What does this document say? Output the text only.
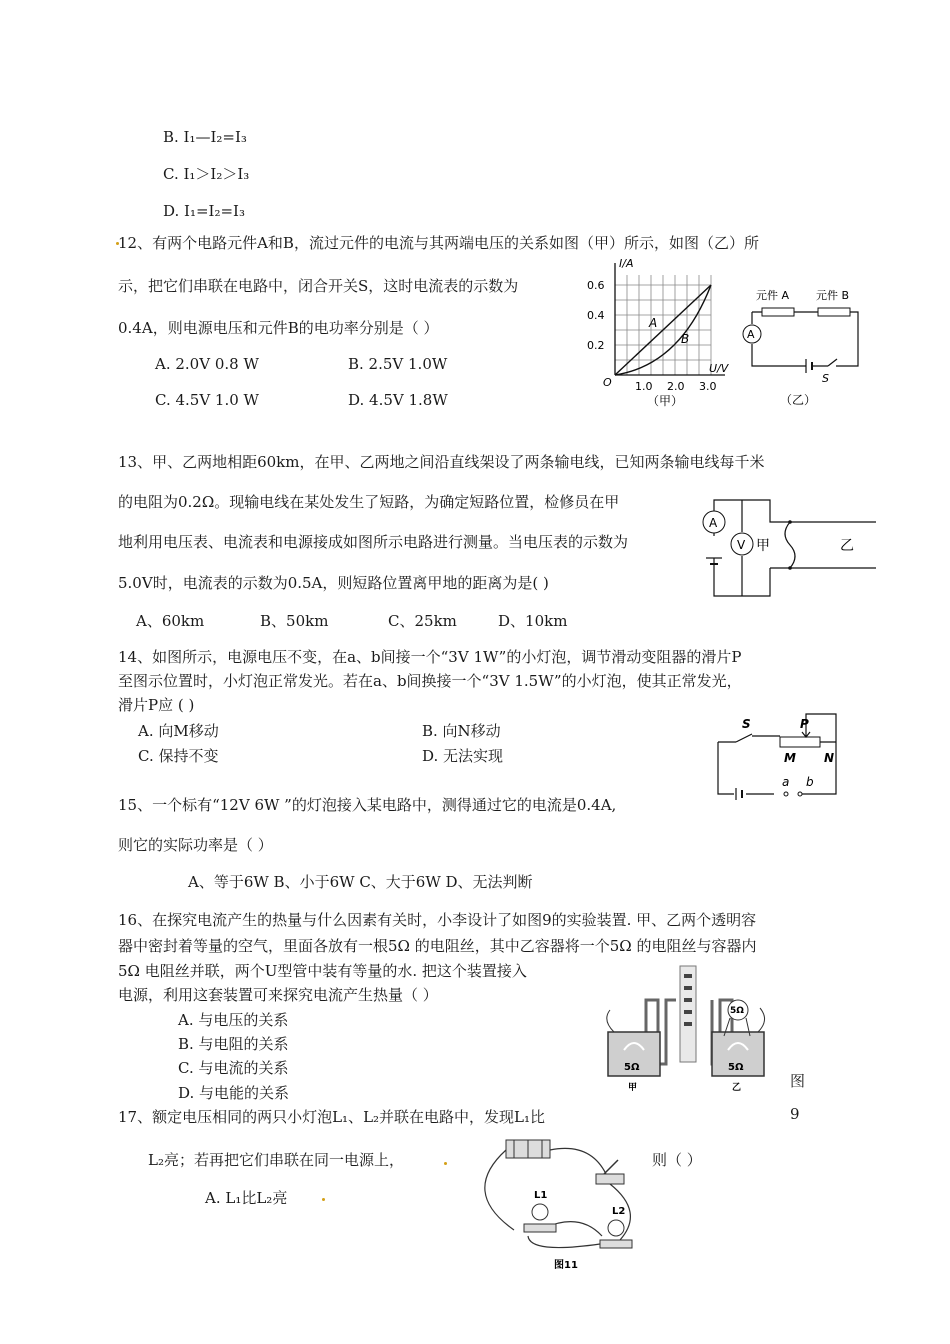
B. I₁—I₂=I₃
C. I₁＞I₂＞I₃
D. I₁=I₂=I₃
12、有两个电路元件A和B，流过元件的电流与其两端电压的关系如图（甲）所示，如图（乙）所
示，把它们串联在电路中，闭合开关S，这时电流表的示数为
0.4A，则电源电压和元件B的电功率分别是（ ）
A. 2.0V 0.8 W	B. 2.5V 1.0W
C. 4.5V 1.0 W	D. 4.5V 1.8W
I/A
0.6
0.4
0.2
O 1.0 2.0 3.0
U/V
A
B
（甲）
元件 A 元件 B
A
S
（乙）
13、甲、乙两地相距60km，在甲、乙两地之间沿直线架设了两条输电线，已知两条输电线每千米
的电阻为0.2Ω。现输电线在某处发生了短路，为确定短路位置，检修员在甲
地利用电压表、电流表和电源接成如图所示电路进行测量。当电压表的示数为
5.0V时，电流表的示数为0.5A，则短路位置离甲地的距离为是( )
A、60km	B、50km	C、25km	D、10km
A
V 甲	乙
14、如图所示，电源电压不变，在a、b间接一个“3V 1W”的小灯泡，调节滑动变阻器的滑片P
至图示位置时，小灯泡正常发光。若在a、b间换接一个“3V 1.5W”的小灯泡，使其正常发光，
滑片P应 ( )
A. 向M移动	B. 向N移动
C. 保持不变	D. 无法实现
S	P
M N
a b
15、一个标有“12V 6W ”的灯泡接入某电路中，测得通过它的电流是0.4A,
则它的实际功率是（ ）
A、等于6W B、小于6W C、大于6W D、无法判断
16、在探究电流产生的热量与什么因素有关时，小李设计了如图9的实验装置. 甲、乙两个透明容
器中密封着等量的空气，里面各放有一根5Ω 的电阻丝，其中乙容器将一个5Ω 的电阻丝与容器内
5Ω 电阻丝并联，两个U型管中装有等量的水. 把这个装置接入
电源，利用这套装置可来探究电流产生热量（ ）
A. 与电压的关系
B. 与电阻的关系
C. 与电流的关系
D. 与电能的关系
5Ω	5Ω
5Ω
甲	乙	图
9
17、额定电压相同的两只小灯泡L₁、L₂并联在电路中，发现L₁比
L₂亮；若再把它们串联在同一电源上，	则（ ）
A. L₁比L₂亮	L1
L2
图11
